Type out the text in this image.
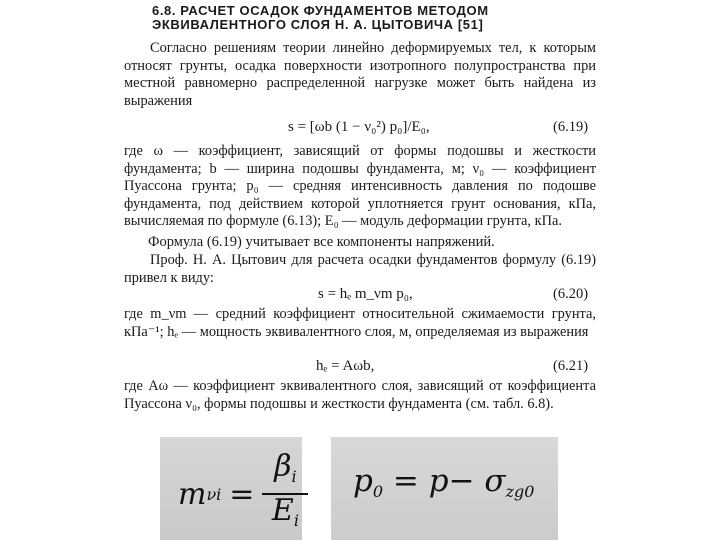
6.8. РАСЧЕТ ОСАДОК ФУНДАМЕНТОВ МЕТОДОМ
ЭКВИВАЛЕНТНОГО СЛОЯ Н. А. ЦЫТОВИЧА [51]

Согласно решениям теории линейно деформируемых тел, к которым относят грунты, осадка поверхности изотропного полупространства при местной равномерно распределенной нагрузке может быть найдена из выражения

s = [ωb (1 − ν₀²) p₀]/E₀,	(6.19)

где ω — коэффициент, зависящий от формы подошвы и жесткости фундамента; b — ширина подошвы фундамента, м; ν₀ — коэффициент Пуассона грунта; p₀ — средняя интенсивность давления по подошве фундамента, под действием которой уплотняется грунт основания, кПа, вычисляемая по формуле (6.13); E₀ — модуль деформации грунта, кПа.

Формула (6.19) учитывает все компоненты напряжений.

Проф. Н. А. Цытович для расчета осадки фундаментов формулу (6.19) привел к виду:

s = hₑ m_νm p₀,	(6.20)

где m_νm — средний коэффициент относительной сжимаемости грунта, кПа⁻¹; hₑ — мощность эквивалентного слоя, м, определяемая из выражения

hₑ = Aωb,	(6.21)

где Aω — коэффициент эквивалентного слоя, зависящий от коэффициента Пуассона ν₀, формы подошвы и жесткости фундамента (см. табл. 6.8).

m $\nu i = \frac{\beta_i}{E_i} p_0 = p- \sigma_{zg0}$
